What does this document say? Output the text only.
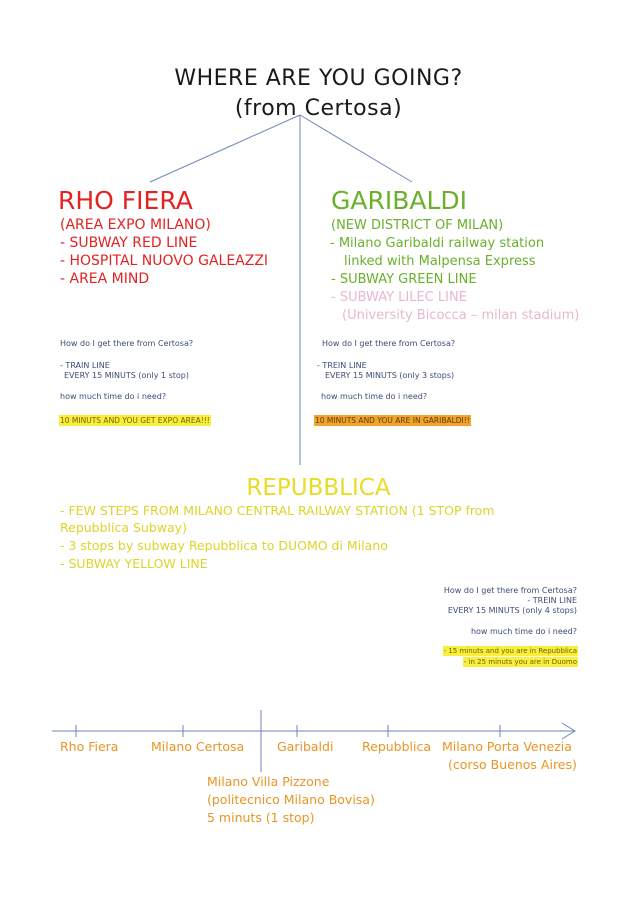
WHERE ARE YOU GOING?
(from Certosa)
RHO FIERA
(AREA EXPO MILANO)
- SUBWAY RED LINE
- HOSPITAL NUOVO GALEAZZI
- AREA MIND
How do I get there from Certosa?
- TRAIN LINE
EVERY 15 MINUTS (only 1 stop)
how much time do i need?
10 MINUTS AND YOU GET EXPO AREA!!!
GARIBALDI
(NEW DISTRICT OF MILAN)
- Milano Garibaldi railway station
linked with Malpensa Express
- SUBWAY GREEN LINE
- SUBWAY LILEC LINE
(University Bicocca – milan stadium)
How do I get there from Certosa?
- TREIN LINE
EVERY 15 MINUTS (only 3 stops)
how much time do i need?
10 MINUTS AND YOU ARE IN GARIBALDI!!
REPUBBLICA
- FEW STEPS FROM MILANO CENTRAL RAILWAY STATION (1 STOP from
Repubblica Subway)
- 3 stops by subway Repubblica to DUOMO di Milano
- SUBWAY YELLOW LINE
How do I get there from Certosa?
- TREIN LINE
EVERY 15 MINUTS (only 4 stops)
how much time do i need?
- 15 minuts and you are in Repubblica
- in 25 minuts you are in Duomo
Rho Fiera	Milano Certosa	Garibaldi Repubblica Milano Porta Venezia
(corso Buenos Aires)
Milano Villa Pizzone
(politecnico Milano Bovisa)
5 minuts (1 stop)
